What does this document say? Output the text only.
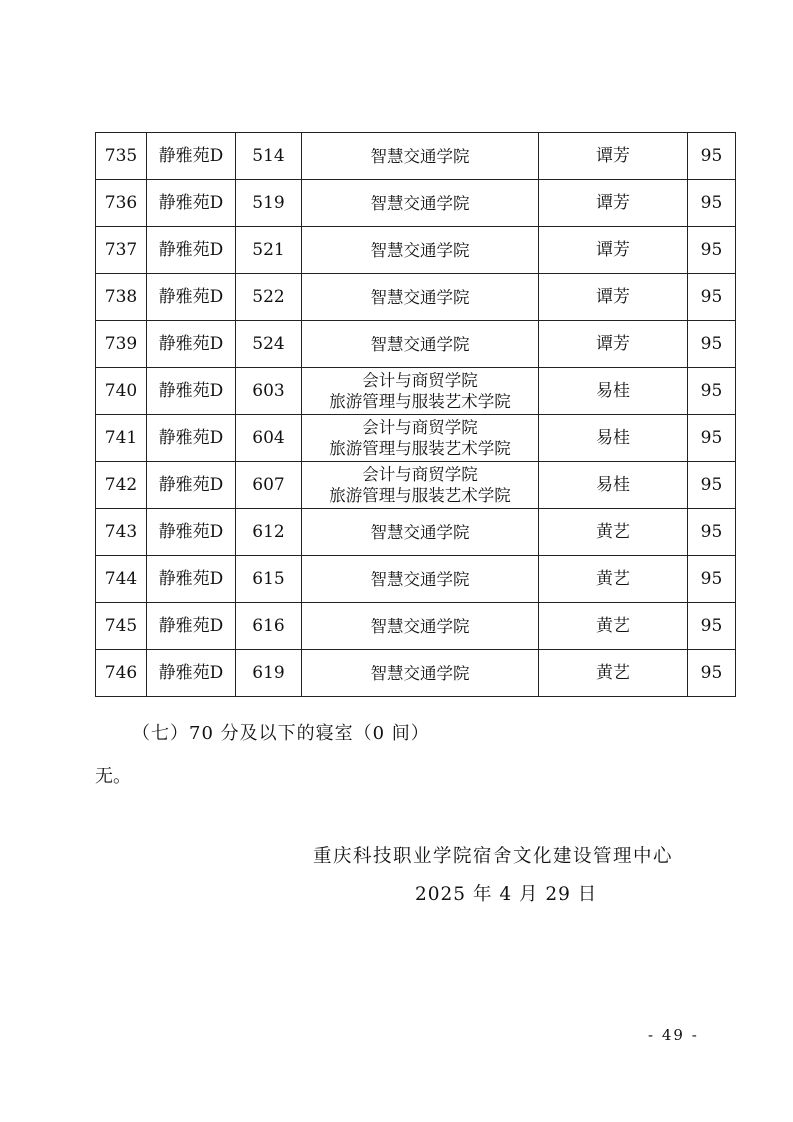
735	静雅苑D	514	智慧交通学院	谭芳	95
736	静雅苑D	519	智慧交通学院	谭芳	95
737	静雅苑D	521	智慧交通学院	谭芳	95
738	静雅苑D	522	智慧交通学院	谭芳	95
739	静雅苑D	524	智慧交通学院	谭芳	95
740	静雅苑D	603	会计与商贸学院
旅游管理与服装艺术学院	易桂	95
741	静雅苑D	604	会计与商贸学院
旅游管理与服装艺术学院	易桂	95
742	静雅苑D	607	会计与商贸学院
旅游管理与服装艺术学院	易桂	95
743	静雅苑D	612	智慧交通学院	黄艺	95
744	静雅苑D	615	智慧交通学院	黄艺	95
745	静雅苑D	616	智慧交通学院	黄艺	95
746	静雅苑D	619	智慧交通学院	黄艺	95
（七）70 分及以下的寝室（0 间）
无。
重庆科技职业学院宿舍文化建设管理中心
2025 年 4 月 29 日
- 49 -
